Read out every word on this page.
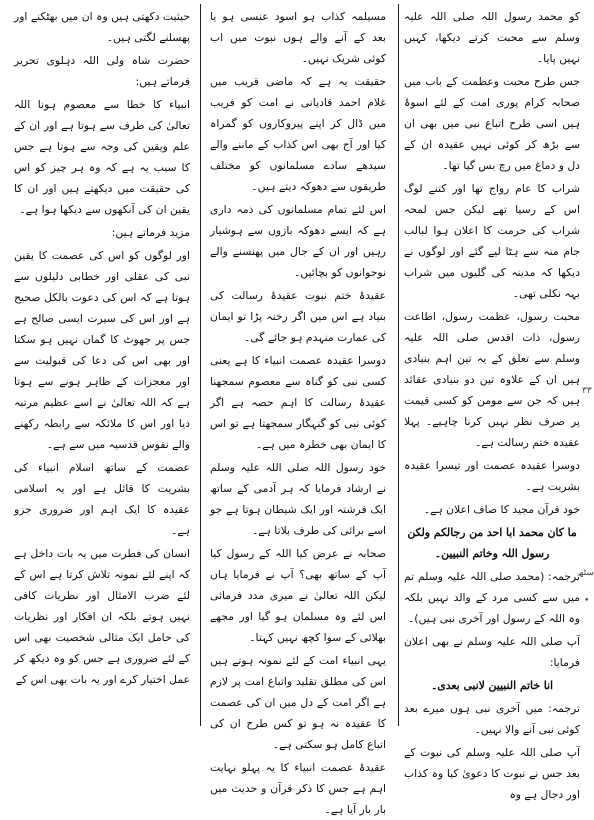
کو محمد رسول اللہ صلی اللہ علیہ وسلم سے محبت کرتے دیکھا، کہیں نہیں پایا۔

جس طرح محبت وعظمت کے باب میں صحابہ کرام پوری امت کے لئے اسوۂ ہیں اسی طرح اتباع نبی میں بھی ان سے بڑھ کر کوئی نہیں عقیدہ ان کے دل و دماغ میں رچ بس گیا تھا۔

شراب کا عام رواج تھا اور کتنے لوگ اس کے رسیا تھے لیکن جس لمحہ شراب کی حرمت کا اعلان ہوا لبالب جام منہ سے ہٹا لیے گئے اور لوگوں نے دیکھا کہ مدینہ کی گلیوں میں شراب بہہ نکلی تھی۔

محبت رسول، عظمت رسول، اطاعت رسول، ذات اقدس صلی اللہ علیہ وسلم سے تعلق کے یہ تین اہم بنیادی ہیں ان کے علاوہ تین دو بنیادی عقائد ہیں کہ جن سے مومن کو کسی قیمت پر صرف نظر نہیں کرنا چاہیے۔ پہلا عقیدہ ختم رسالت ہے۔

دوسرا عقیدہ عصمت اور تیسرا عقیدہ بشریت ہے۔

خود قرآن مجید کا صاف اعلان ہے۔

ما کان محمد ابا احد من رجالکم ولکن رسول اللہ وخاتم النبیین۔

ترجمہ: (محمد صلی اللہ علیہ وسلم تم میں سے کسی مرد کے والد نہیں بلکہ وہ اللہ کے رسول اور آخری نبی ہیں)۔

آپ صلی اللہ علیہ وسلم نے بھی اعلان فرمایا:

انا خاتم النبیین لانبی بعدی۔

ترجمہ: میں آخری نبی ہوں میرے بعد کوئی نبی آنے والا نہیں۔

آپ صلی اللہ علیہ وسلم کی نبوت کے بعد جس نے نبوت کا دعویٰ کیا وہ کذاب اور دجال ہے وہ

مسیلمہ کذاب ہو اسود عنسی ہو یا بعد کے آنے والے ہوں نبوت میں اب کوئی شریک نہیں۔

حقیقت یہ ہے کہ ماضی قریب میں غلام احمد قادیانی نے امت کو فریب میں ڈال کر اپنے پیروکاروں کو گمراہ کیا اور آج بھی اس کذاب کے ماننے والے سیدھے سادے مسلمانوں کو مختلف طریقوں سے دھوکہ دیتے ہیں۔

اس لئے تمام مسلمانوں کی ذمہ داری ہے کہ ایسے دھوکہ بازوں سے ہوشیار رہیں اور ان کے جال میں پھنسنے والے نوجوانوں کو بچائیں۔

عقیدۂ ختم نبوت عقیدۂ رسالت کی بنیاد ہے اس میں اگر رخنہ پڑا تو ایمان کی عمارت منہدم ہو جائے گی۔

دوسرا عقیدہ عصمت انبیاء کا ہے یعنی کسی نبی کو گناہ سے معصوم سمجھنا عقیدۂ رسالت کا اہم حصہ ہے اگر کوئی نبی کو گنہگار سمجھتا ہے تو اس کا ایمان بھی خطرہ میں ہے۔

خود رسول اللہ صلی اللہ علیہ وسلم نے ارشاد فرمایا کہ ہر آدمی کے ساتھ ایک فرشتہ اور ایک شیطان ہوتا ہے جو اسے برائی کی طرف بلاتا ہے۔

صحابہ نے عرض کیا اللہ کے رسول کیا آپ کے ساتھ بھی؟ آپ نے فرمایا ہاں لیکن اللہ تعالیٰ نے میری مدد فرمائی اس لئے وہ مسلمان ہو گیا اور مجھے بھلائی کے سوا کچھ نہیں کہتا۔

یہی انبیاء امت کے لئے نمونہ ہوتے ہیں اس کی مطلق تقلید واتباع امت پر لازم ہے اگر امت کے دل میں ان کی عصمت کا عقیدہ نہ ہو تو کس طرح ان کی اتباع کامل ہو سکتی ہے۔

عقیدۂ عصمت انبیاء کا یہ پہلو نہایت اہم ہے جس کا ذکر قرآن و حدیث میں بار بار آیا ہے۔

حیثیت دکھتی ہیں وہ ان میں بھٹکنے اور پھسلنے لگتی ہیں۔

حضرت شاہ ولی اللہ دہلوی تحریر فرماتے ہیں:

انبیاء کا خطا سے معصوم ہونا اللہ تعالیٰ کی طرف سے ہوتا ہے اور ان کے علم ویقین کی وجہ سے ہوتا ہے جس کا سبب یہ ہے کہ وہ ہر چیز کو اس کی حقیقت میں دیکھتے ہیں اور ان کا یقین ان کی آنکھوں سے دیکھا ہوا ہے۔

مزید فرماتے ہیں:

اور لوگوں کو اس کی عصمت کا یقین نبی کی عقلی اور خطابی دلیلوں سے ہوتا ہے کہ اس کی دعوت بالکل صحیح ہے اور اس کی سیرت ایسی صالح ہے جس پر جھوٹ کا گمان نہیں ہو سکتا اور بھی اس کی دعا کی قبولیت سے اور معجزات کے ظاہر ہونے سے ہوتا ہے کہ اللہ تعالیٰ نے اسے عظیم مرتبہ دیا اور اس کا ملائکہ سے رابطہ رکھنے والے نفوس قدسیہ میں سے ہے۔

عصمت کے ساتھ اسلام انبیاء کی بشریت کا قائل ہے اور یہ اسلامی عقیدہ کا ایک اہم اور ضروری جزو ہے۔

انسان کی فطرت میں یہ بات داخل ہے کہ اپنے لئے نمونہ تلاش کرتا ہے اس کے لئے ضرب الامثال اور نظریات کافی نہیں ہوتے بلکہ ان افکار اور نظریات کی حامل ایک مثالی شخصیت بھی اس کے لئے ضروری ہے جس کو وہ دیکھ کر عمل اختیار کرے اور یہ بات بھی اس کے

٣٣
سٹھ
•
